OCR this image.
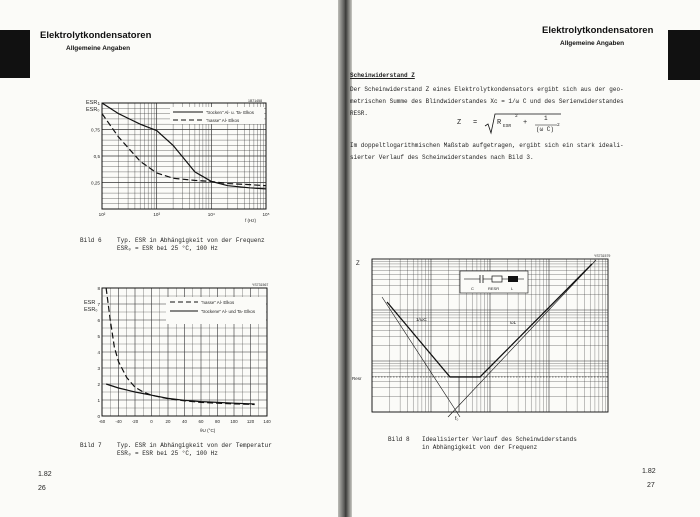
Elektrolytkondensatoren
Allgemeine Angaben
1
0,75
0,5
0,25
10²	10³	10⁴	10⁵
ESR
ESR₀
f (Hz)
1B71458
"trocken" Al- u. Ta- Elkos
"nasse" Al- Elkos
Bild 6	Typ. ESR in Abhängigkeit von der Frequenz
ESR₀ = ESR bei 25 °C, 100 Hz
8
7
6
5
4
3
2
1
0
-60 -40 -20	0	20	40	60	80 100 120 140
ESR
ESR₀
ϑU (°C)
YS731567
"nasse" Al- Elkos
"trockene" Al- und Ta- Elkos
Bild 7	Typ. ESR in Abhängigkeit von der Temperatur
ESR₀ = ESR bei 25 °C, 100 Hz
1.82
26
Elektrolytkondensatoren
Allgemeine Angaben
Scheinwiderstand Z
Der Scheinwiderstand Z eines Elektrolytkondensators ergibt sich aus der geo-
metrischen Summe des Blindwiderstandes Xc = 1/ω C und des Serienwiderstandes
RESR.
Z =	R ESR
2
+
1
(ω C)
2
Im doppeltlogarithmischen Maßstab aufgetragen, ergibt sich ein stark ideali-
sierter Verlauf des Scheinwiderstandes nach Bild 3.
YS731579
Z
Resr
f₀
1/ωC
ωL
C	RESR	L
Bild 8 Idealisierter Verlauf des Scheinwiderstands
in Abhängigkeit von der Frequenz
1.82
27
